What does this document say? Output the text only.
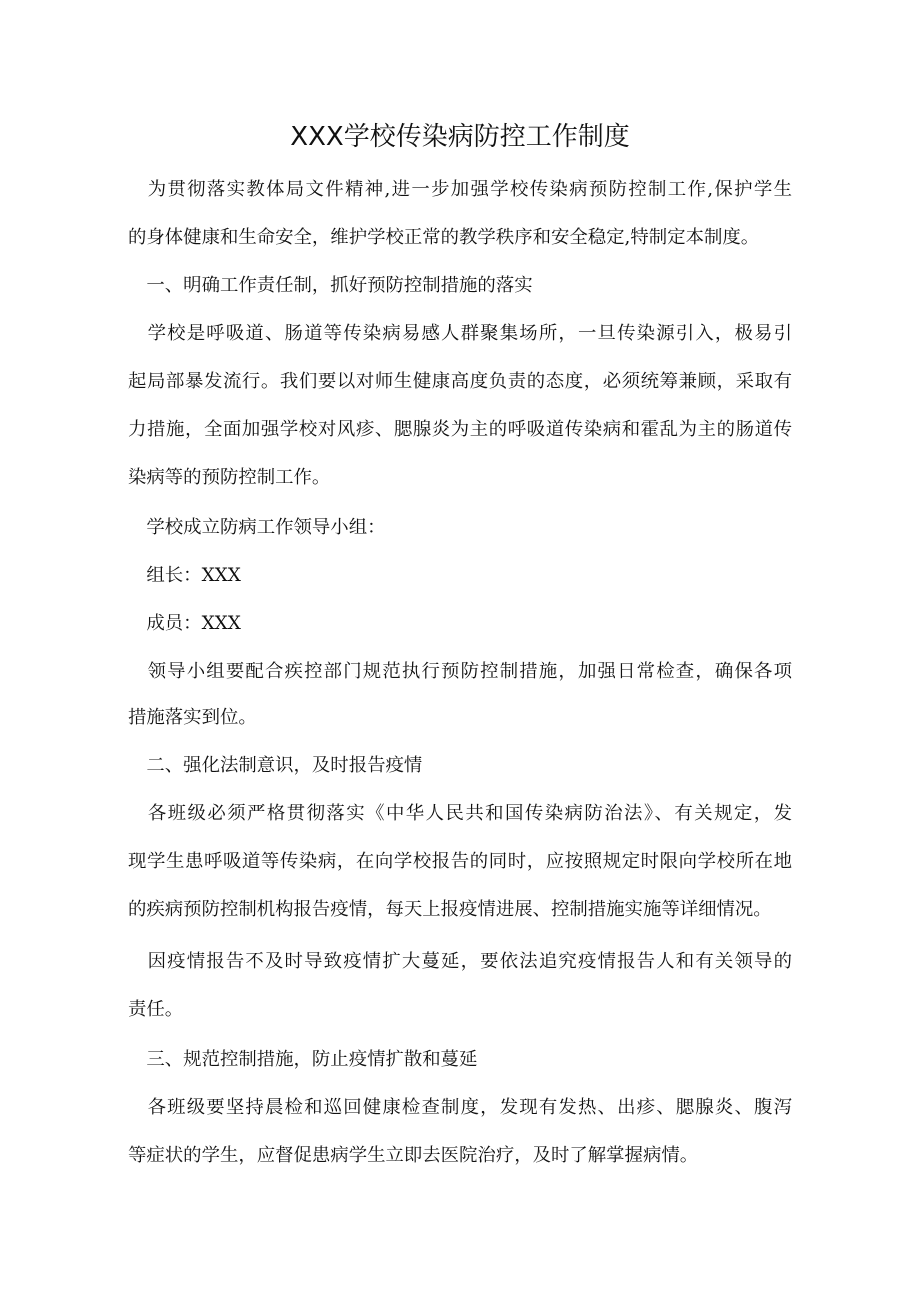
XXX学校传染病防控工作制度
　为贯彻落实教体局文件精神,进一步加强学校传染病预防控制工作,保护学生
的身体健康和生命安全，维护学校正常的教学秩序和安全稳定,特制定本制度。
　一、明确工作责任制，抓好预防控制措施的落实
　学校是呼吸道、肠道等传染病易感人群聚集场所，一旦传染源引入，极易引
起局部暴发流行。我们要以对师生健康高度负责的态度，必须统筹兼顾，采取有
力措施，全面加强学校对风疹、腮腺炎为主的呼吸道传染病和霍乱为主的肠道传
染病等的预防控制工作。
　学校成立防病工作领导小组：
　组长：XXX
　成员：XXX
　领导小组要配合疾控部门规范执行预防控制措施，加强日常检查，确保各项
措施落实到位。
　二、强化法制意识，及时报告疫情
　各班级必须严格贯彻落实《中华人民共和国传染病防治法》、有关规定，发
现学生患呼吸道等传染病，在向学校报告的同时，应按照规定时限向学校所在地
的疾病预防控制机构报告疫情，每天上报疫情进展、控制措施实施等详细情况。
　因疫情报告不及时导致疫情扩大蔓延，要依法追究疫情报告人和有关领导的
责任。
　三、规范控制措施，防止疫情扩散和蔓延
　各班级要坚持晨检和巡回健康检查制度，发现有发热、出疹、腮腺炎、腹泻
等症状的学生，应督促患病学生立即去医院治疗，及时了解掌握病情。
